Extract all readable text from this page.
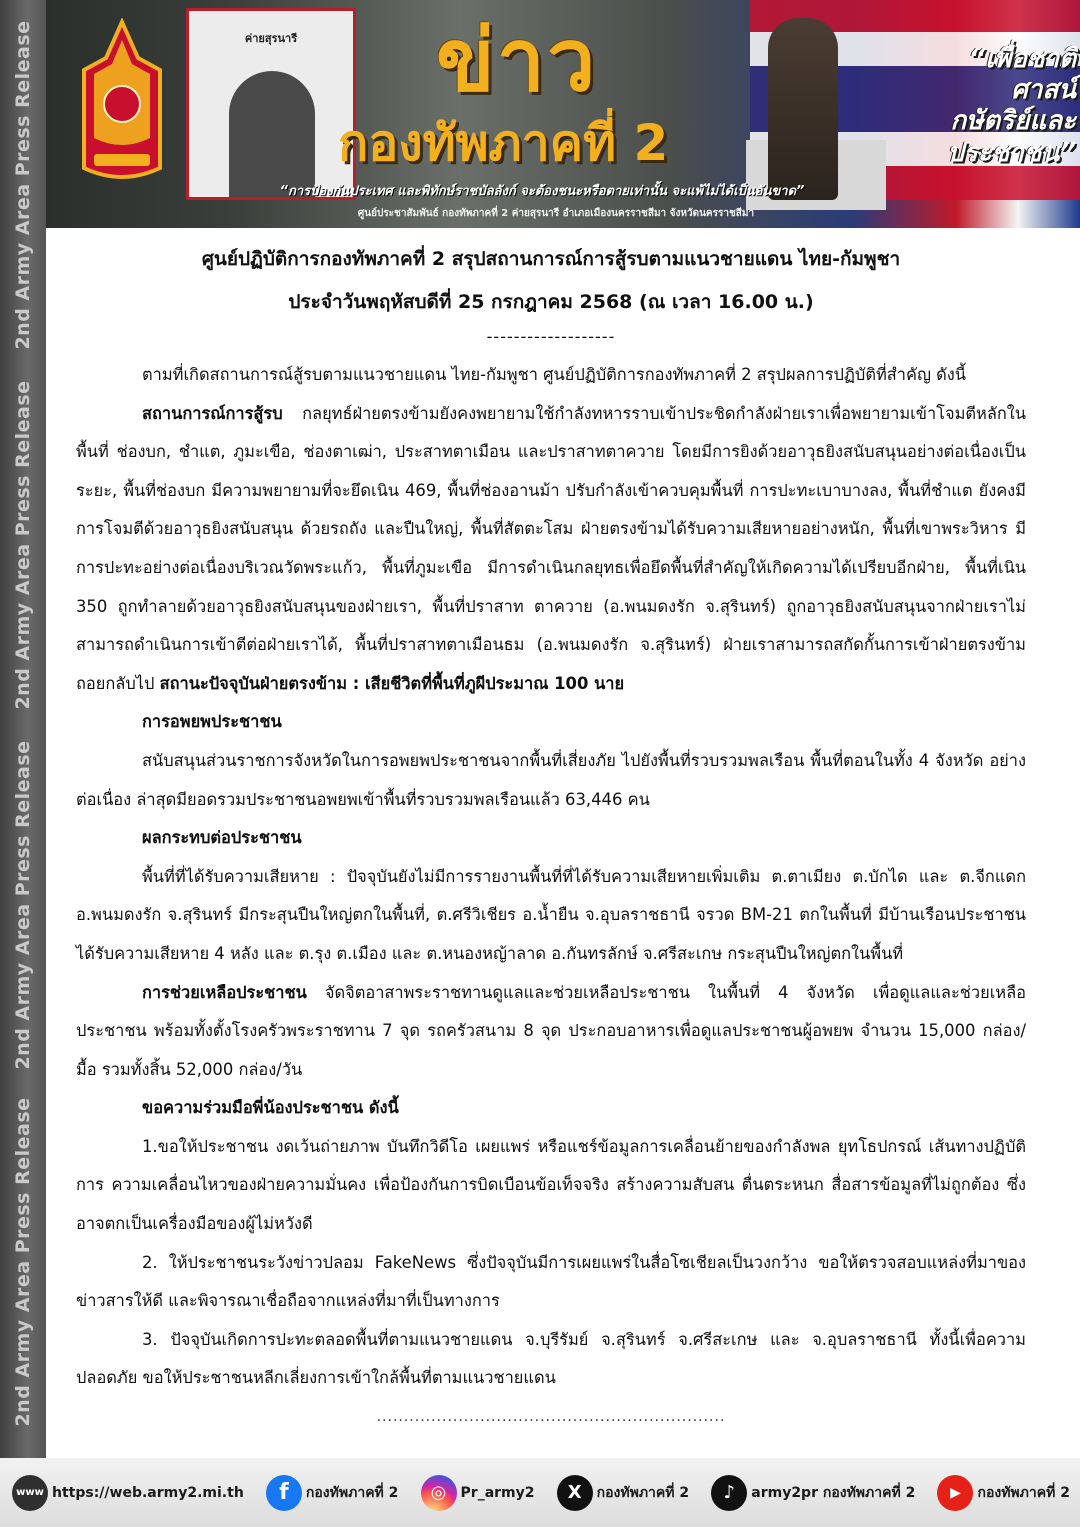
2nd Army Area Press Release
2nd Army Area Press Release
2nd Army Area Press Release
2nd Army Area Press Release
ค่ายสุรนารี	ข่าว
กองทัพภาคที่ 2
“เพื่อชาติ
ศาสน์
กษัตริย์และประชาชน”
“การป้องกันประเทศ และพิทักษ์ราชบัลลังก์ จะต้องชนะหรือตายเท่านั้น จะแพ้ไม่ได้เป็นอันขาด”
ศูนย์ประชาสัมพันธ์ กองทัพภาคที่ 2 ค่ายสุรนารี อำเภอเมืองนครราชสีมา จังหวัดนครราชสีมา
ศูนย์ปฏิบัติการกองทัพภาคที่ 2 สรุปสถานการณ์การสู้รบตามแนวชายแดน ไทย-กัมพูชา
ประจำวันพฤหัสบดีที่ 25 กรกฎาคม 2568 (ณ เวลา 16.00 น.)
-------------------

ตามที่เกิดสถานการณ์สู้รบตามแนวชายแดน ไทย-กัมพูชา ศูนย์ปฏิบัติการกองทัพภาคที่ 2 สรุปผลการปฏิบัติที่สำคัญ ดังนี้

สถานการณ์การสู้รบ กลยุทธ์ฝ่ายตรงข้ามยังคงพยายามใช้กำลังทหารราบเข้าประชิดกำลังฝ่ายเราเพื่อพยายามเข้าโจมตีหลักในพื้นที่ ช่องบก, ชำแต, ภูมะเขือ, ช่องตาเฒ่า, ประสาทตาเมือน และปราสาทตาควาย โดยมีการยิงด้วยอาวุธยิงสนับสนุนอย่างต่อเนื่องเป็นระยะ, พื้นที่ช่องบก มีความพยายามที่จะยึดเนิน 469, พื้นที่ช่องอานม้า ปรับกำลังเข้าควบคุมพื้นที่ การปะทะเบาบางลง, พื้นที่ชำแต ยังคงมีการโจมตีด้วยอาวุธยิงสนับสนุน ด้วยรถถัง และปืนใหญ่, พื้นที่สัตตะโสม ฝ่ายตรงข้ามได้รับความเสียหายอย่างหนัก, พื้นที่เขาพระวิหาร มีการปะทะอย่างต่อเนื่องบริเวณวัดพระแก้ว, พื้นที่ภูมะเขือ มีการดำเนินกลยุทธเพื่อยึดพื้นที่สำคัญให้เกิดความได้เปรียบอีกฝ่าย, พื้นที่เนิน 350 ถูกทำลายด้วยอาวุธยิงสนับสนุนของฝ่ายเรา, พื้นที่ปราสาท ตาควาย (อ.พนมดงรัก จ.สุรินทร์) ถูกอาวุธยิงสนับสนุนจากฝ่ายเราไม่สามารถดำเนินการเข้าตีต่อฝ่ายเราได้, พื้นที่ปราสาทตาเมือนธม (อ.พนมดงรัก จ.สุรินทร์) ฝ่ายเราสามารถสกัดกั้นการเข้าฝ่ายตรงข้ามถอยกลับไป สถานะปัจจุบันฝ่ายตรงข้าม : เสียชีวิตที่พื้นที่ภูผีประมาณ 100 นาย

การอพยพประชาชน

สนับสนุนส่วนราชการจังหวัดในการอพยพประชาชนจากพื้นที่เสี่ยงภัย ไปยังพื้นที่รวบรวมพลเรือน พื้นที่ตอนในทั้ง 4 จังหวัด อย่างต่อเนื่อง ล่าสุดมียอดรวมประชาชนอพยพเข้าพื้นที่รวบรวมพลเรือนแล้ว 63,446 คน

ผลกระทบต่อประชาชน

พื้นที่ที่ได้รับความเสียหาย : ปัจจุบันยังไม่มีการรายงานพื้นที่ที่ได้รับความเสียหายเพิ่มเติม ต.ตาเมียง ต.บักได และ ต.จีกแดก อ.พนมดงรัก จ.สุรินทร์ มีกระสุนปืนใหญ่ตกในพื้นที่, ต.ศรีวิเชียร อ.น้ำยืน จ.อุบลราชธานี จรวด BM-21 ตกในพื้นที่ มีบ้านเรือนประชาชนได้รับความเสียหาย 4 หลัง และ ต.รุง ต.เมือง และ ต.หนองหญ้าลาด อ.กันทรลักษ์ จ.ศรีสะเกษ กระสุนปืนใหญ่ตกในพื้นที่

การช่วยเหลือประชาชน จัดจิตอาสาพระราชทานดูแลและช่วยเหลือประชาชน ในพื้นที่ 4 จังหวัด เพื่อดูแลและช่วยเหลือประชาชน พร้อมทั้งตั้งโรงครัวพระราชทาน 7 จุด รถครัวสนาม 8 จุด ประกอบอาหารเพื่อดูแลประชาชนผู้อพยพ จำนวน 15,000 กล่อง/มื้อ รวมทั้งสิ้น 52,000 กล่อง/วัน

ขอความร่วมมือพี่น้องประชาชน ดังนี้

1.ขอให้ประชาชน งดเว้นถ่ายภาพ บันทึกวิดีโอ เผยแพร่ หรือแชร์ข้อมูลการเคลื่อนย้ายของกำลังพล ยุทโธปกรณ์ เส้นทางปฏิบัติการ ความเคลื่อนไหวของฝ่ายความมั่นคง เพื่อป้องกันการบิดเบือนข้อเท็จจริง สร้างความสับสน ตื่นตระหนก สื่อสารข้อมูลที่ไม่ถูกต้อง ซึ่งอาจตกเป็นเครื่องมือของผู้ไม่หวังดี

2. ให้ประชาชนระวังข่าวปลอม FakeNews ซึ่งปัจจุบันมีการเผยแพร่ในสื่อโซเชียลเป็นวงกว้าง ขอให้ตรวจสอบแหล่งที่มาของข่าวสารให้ดี และพิจารณาเชื่อถือจากแหล่งที่มาที่เป็นทางการ

3. ปัจจุบันเกิดการปะทะตลอดพื้นที่ตามแนวชายแดน จ.บุรีรัมย์ จ.สุรินทร์ จ.ศรีสะเกษ และ จ.อุบลราชธานี ทั้งนี้เพื่อความปลอดภัย ขอให้ประชาชนหลีกเลี่ยงการเข้าใกล้พื้นที่ตามแนวชายแดน

................................................................
www https://web.army2.mi.th	f	กองทัพภาคที่ 2	◎	Pr_army2	X	กองทัพภาคที่ 2	♪	army2pr กองทัพภาคที่ 2	▶	กองทัพภาคที่ 2
